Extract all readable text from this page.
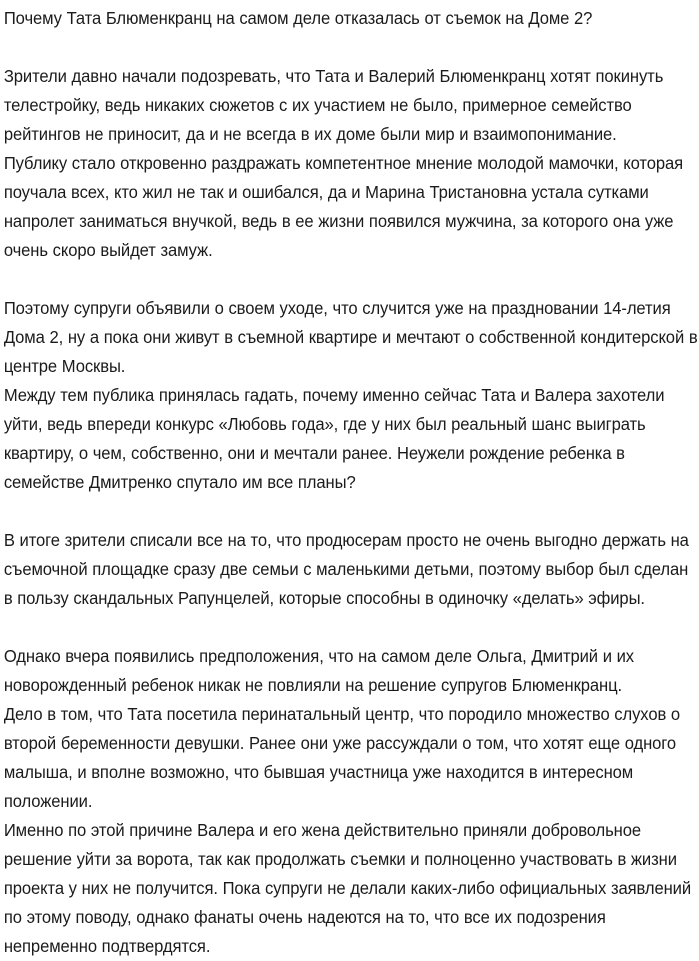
Почему Тата Блюменкранц на самом деле отказалась от съемок на Доме 2?

Зрители давно начали подозревать, что Тата и Валерий Блюменкранц хотят покинуть телестройку, ведь никаких сюжетов с их участием не было, примерное семейство рейтингов не приносит, да и не всегда в их доме были мир и взаимопонимание.

Публику стало откровенно раздражать компетентное мнение молодой мамочки, которая поучала всех, кто жил не так и ошибался, да и Марина Тристановна устала сутками напролет заниматься внучкой, ведь в ее жизни появился мужчина, за которого она уже очень скоро выйдет замуж.

Поэтому супруги объявили о своем уходе, что случится уже на праздновании 14-летия Дома 2, ну а пока они живут в съемной квартире и мечтают о собственной кондитерской в центре Москвы.

Между тем публика принялась гадать, почему именно сейчас Тата и Валера захотели уйти, ведь впереди конкурс «Любовь года», где у них был реальный шанс выиграть квартиру, о чем, собственно, они и мечтали ранее. Неужели рождение ребенка в семействе Дмитренко спутало им все планы?

В итоге зрители списали все на то, что продюсерам просто не очень выгодно держать на съемочной площадке сразу две семьи с маленькими детьми, поэтому выбор был сделан в пользу скандальных Рапунцелей, которые способны в одиночку «делать» эфиры.

Однако вчера появились предположения, что на самом деле Ольга, Дмитрий и их новорожденный ребенок никак не повлияли на решение супругов Блюменкранц.

Дело в том, что Тата посетила перинатальный центр, что породило множество слухов о второй беременности девушки. Ранее они уже рассуждали о том, что хотят еще одного малыша, и вполне возможно, что бывшая участница уже находится в интересном положении.

Именно по этой причине Валера и его жена действительно приняли добровольное решение уйти за ворота, так как продолжать съемки и полноценно участвовать в жизни проекта у них не получится. Пока супруги не делали каких-либо официальных заявлений по этому поводу, однако фанаты очень надеются на то, что все их подозрения непременно подтвердятся.
